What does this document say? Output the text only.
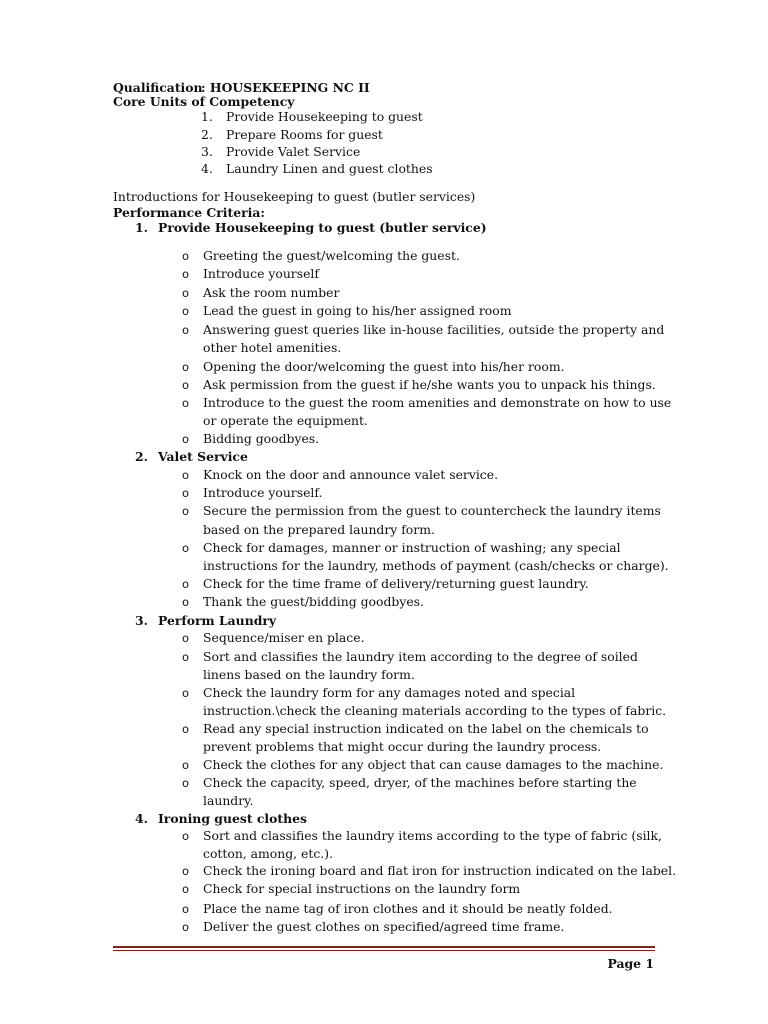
Qualification
: HOUSEKEEPING NC II
Core Units of Competency
1. Provide Housekeeping to guest
2. Prepare Rooms for guest
3. Provide Valet Service
4. Laundry Linen and guest clothes
Introductions for Housekeeping to guest (butler services)
Performance Criteria:
1. Provide Housekeeping to guest (butler service)
o Greeting the guest/welcoming the guest.
o Introduce yourself
o Ask the room number
o Lead the guest in going to his/her assigned room
o Answering guest queries like in-house facilities, outside the property and
other hotel amenities.
o Opening the door/welcoming the guest into his/her room.
o Ask permission from the guest if he/she wants you to unpack his things.
o Introduce to the guest the room amenities and demonstrate on how to use
or operate the equipment.
o Bidding goodbyes.
2. Valet Service
o Knock on the door and announce valet service.
o Introduce yourself.
o Secure the permission from the guest to countercheck the laundry items
based on the prepared laundry form.
o Check for damages, manner or instruction of washing; any special
instructions for the laundry, methods of payment (cash/checks or charge).
o Check for the time frame of delivery/returning guest laundry.
o Thank the guest/bidding goodbyes.
3. Perform Laundry
o Sequence/miser en place.
o Sort and classifies the laundry item according to the degree of soiled
linens based on the laundry form.
o Check the laundry form for any damages noted and special
instruction.\check the cleaning materials according to the types of fabric.
o Read any special instruction indicated on the label on the chemicals to
prevent problems that might occur during the laundry process.
o Check the clothes for any object that can cause damages to the machine.
o Check the capacity, speed, dryer, of the machines before starting the
laundry.
4. Ironing guest clothes
o Sort and classifies the laundry items according to the type of fabric (silk,
cotton, among, etc.).
o Check the ironing board and flat iron for instruction indicated on the label.
o Check for special instructions on the laundry form
o Place the name tag of iron clothes and it should be neatly folded.
o Deliver the guest clothes on specified/agreed time frame.
Page 1
